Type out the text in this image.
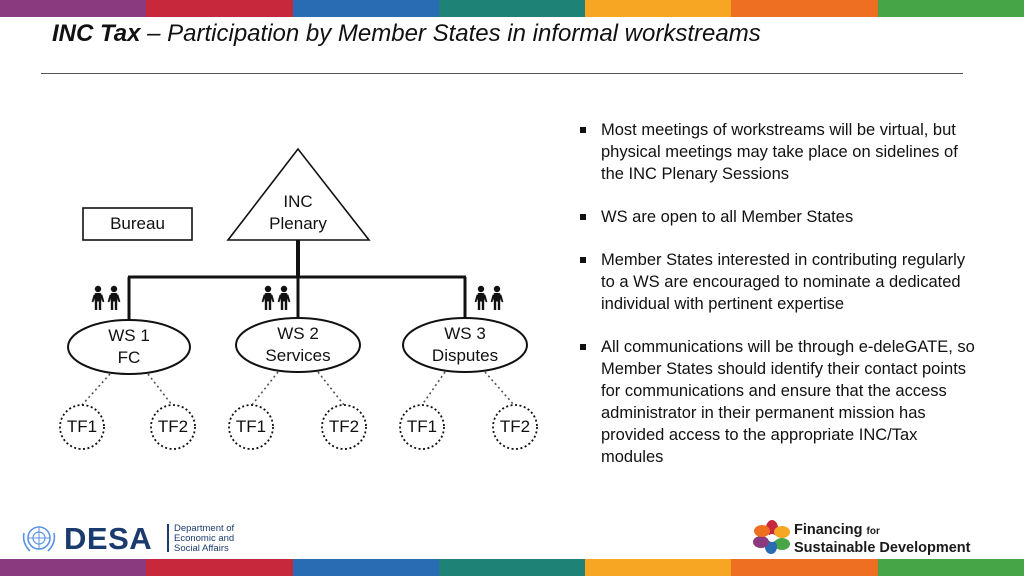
INC Tax – Participation by Member States in informal workstreams
Bureau
INC
Plenary
WS 1
FC
WS 2
Services
WS 3
Disputes
TF1	TF2	TF1	TF2	TF1	TF2
Most meetings of workstreams will be virtual, but physical meetings may take place on sidelines of the INC Plenary Sessions
WS are open to all Member States
Member States interested in contributing regularly to a WS are encouraged to nominate a dedicated individual with pertinent expertise
All communications will be through e-deleGATE, so Member States should identify their contact points for communications and ensure that the access administrator in their permanent mission has provided access to the appropriate INC/Tax modules
DESA Department of
Economic and
Social Affairs
Financing for
Sustainable Development
